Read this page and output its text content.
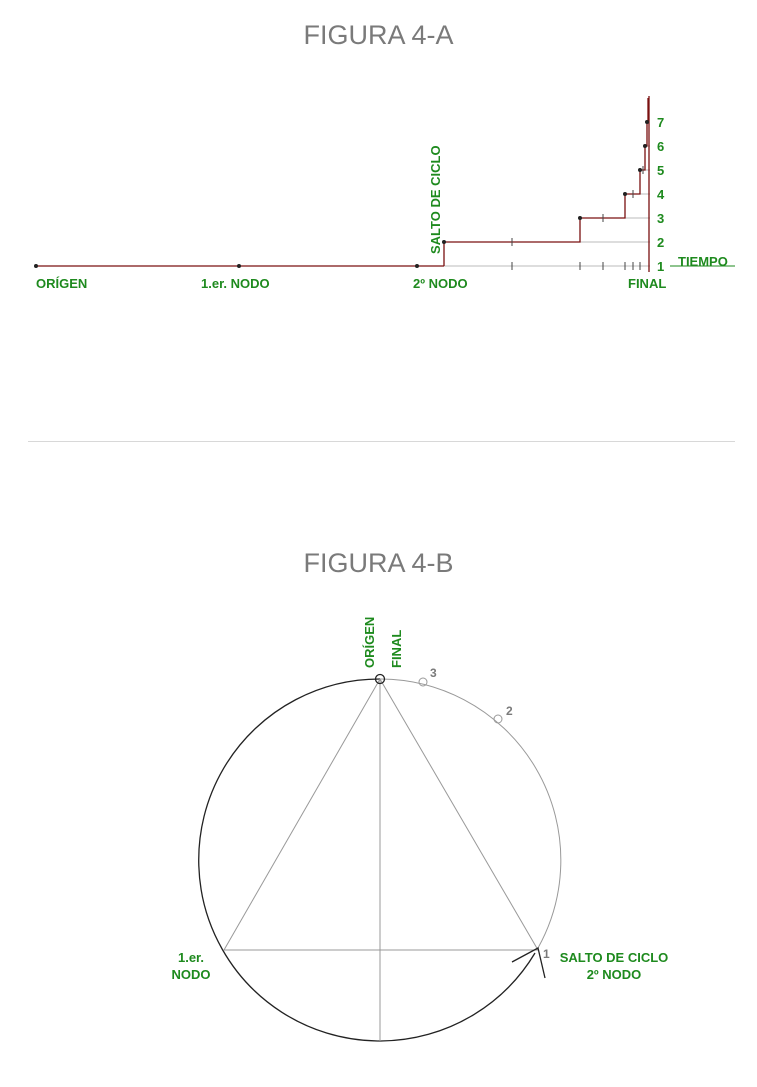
FIGURA 4-A
FIGURA 4-B
ORÍGEN	1.er. NODO	2º NODO	FINAL
TIEMPO
SALTO DE CICLO
1
2
3
4
5
6
7
3
2
1
ORÍGEN FINAL
1.er.
NODO
SALTO DE CICLO
2º NODO
